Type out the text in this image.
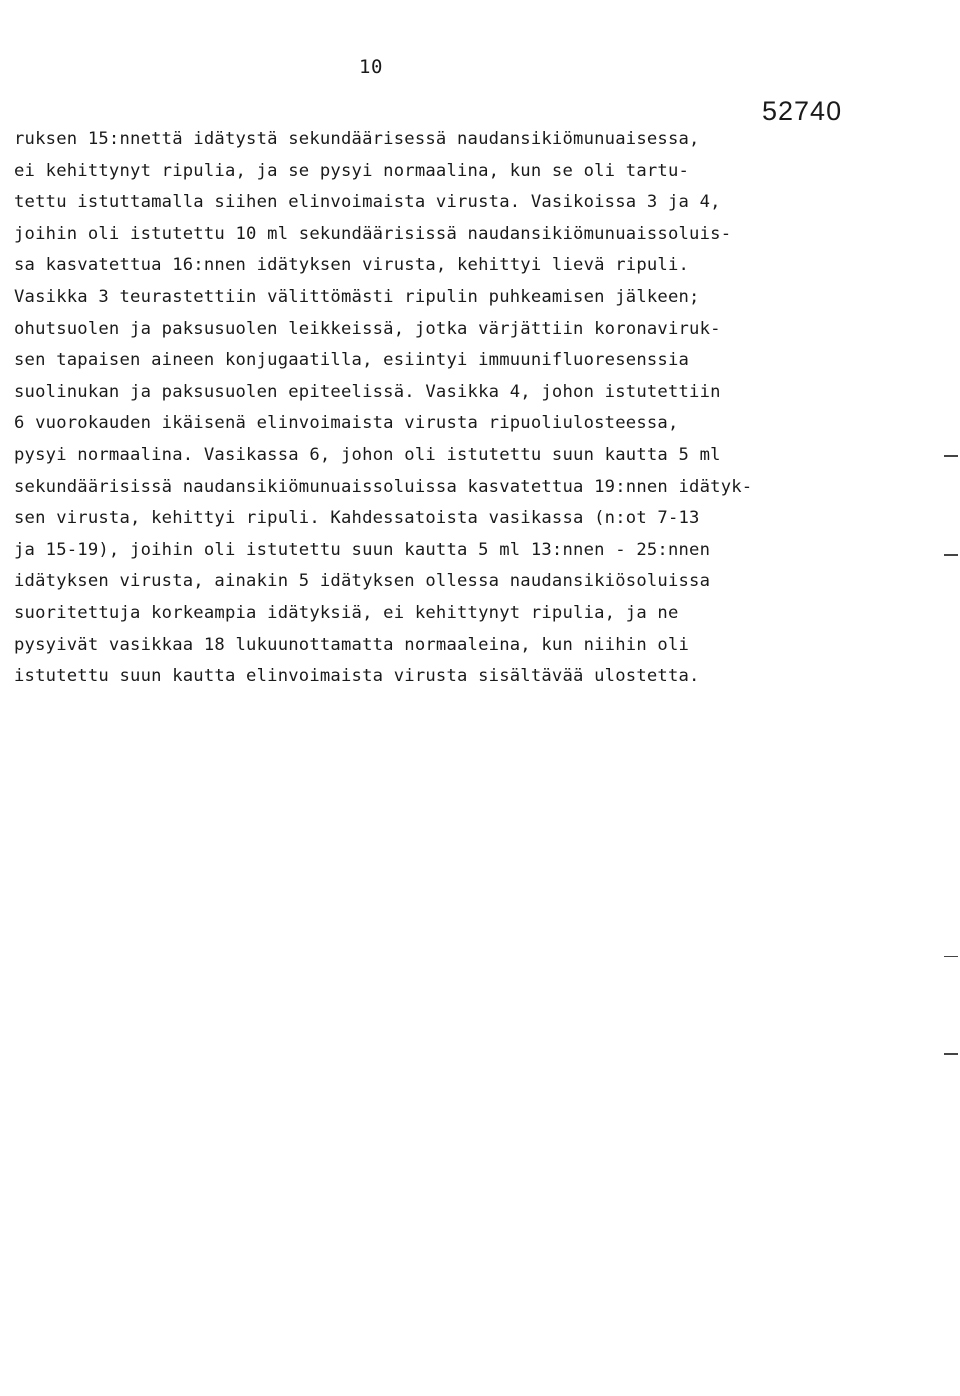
10
52740
ruksen 15:nnettä idätystä sekundäärisessä naudansikiömunuaisessa,
ei kehittynyt ripulia, ja se pysyi normaalina, kun se oli tartu-
tettu istuttamalla siihen elinvoimaista virusta. Vasikoissa 3 ja 4,
joihin oli istutettu 10 ml sekundäärisissä naudansikiömunuaissoluis-
sa kasvatettua 16:nnen idätyksen virusta, kehittyi lievä ripuli.
Vasikka 3 teurastettiin välittömästi ripulin puhkeamisen jälkeen;
ohutsuolen ja paksusuolen leikkeissä, jotka värjättiin koronaviruk-
sen tapaisen aineen konjugaatilla, esiintyi immuunifluoresenssia
suolinukan ja paksusuolen epiteelissä. Vasikka 4, johon istutettiin
6 vuorokauden ikäisenä elinvoimaista virusta ripuoliulosteessa,
pysyi normaalina. Vasikassa 6, johon oli istutettu suun kautta 5 ml
sekundäärisissä naudansikiömunuaissoluissa kasvatettua 19:nnen idätyk-
sen virusta, kehittyi ripuli. Kahdessatoista vasikassa (n:ot 7-13
ja 15-19), joihin oli istutettu suun kautta 5 ml 13:nnen - 25:nnen
idätyksen virusta, ainakin 5 idätyksen ollessa naudansikiösoluissa
suoritettuja korkeampia idätyksiä, ei kehittynyt ripulia, ja ne
pysyivät vasikkaa 18 lukuunottamatta normaaleina, kun niihin oli
istutettu suun kautta elinvoimaista virusta sisältävää ulostetta.
